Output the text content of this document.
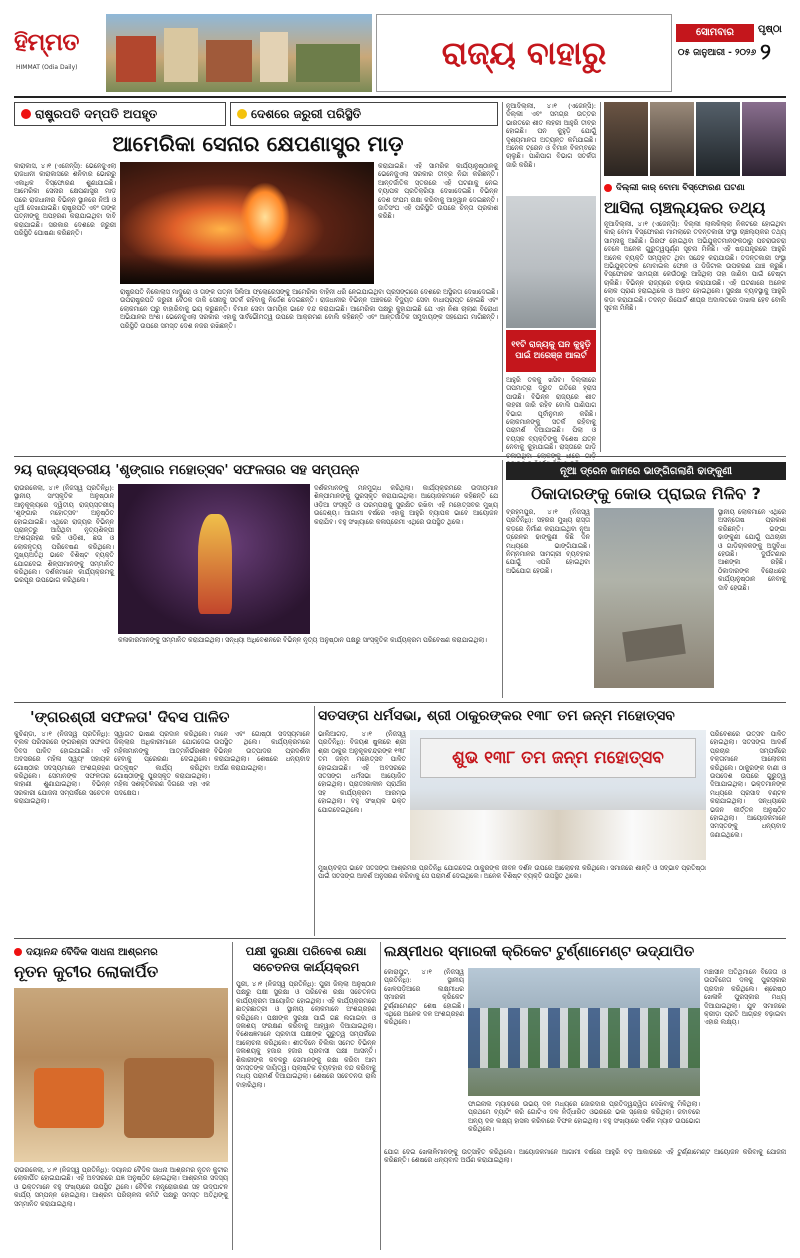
ହିମ୍ମତ
HIMMAT (Odia Daily)	ରାଜ୍ୟ ବାହାରୁ
ସୋମବାର	ପୃଷ୍ଠା
୨
୦୫ ଜାନୁଆରୀ - ୨୦୨୬
ରାଷ୍ଟ୍ରପତି ଦମ୍ପତି ଅପହୃତ	ଦେଶରେ ଜରୁରୀ ପରିସ୍ଥିତି
ଆମେରିକା ସେନାର କ୍ଷେପଣାସ୍ତ୍ର ମାଡ଼
କାରାକାସ, ୪।୧ (ଏଜେନ୍ସି): ଭେନେଜୁଏଲା ରାଜଧାନୀ କାରାକାସରେ ଶନିବାର ଭୋରରୁ ଏକାଧିକ ବିସ୍ଫୋରଣ ଶୁଣାଯାଇଛି। ଆମେରିକା ସେନାର କ୍ଷେପଣାସ୍ତ୍ର ମାଡ଼ ପରେ ରାଜଧାନୀର ବିଭିନ୍ନ ସ୍ଥାନରେ ନିଆଁ ଓ ଧୂଆଁ ଦେଖାଯାଇଛି। ରାଷ୍ଟ୍ରପତି ଏବଂ ତାଙ୍କ ପତ୍ନୀଙ୍କୁ ଅପହରଣ କରାଯାଇଥିବା ଦାବି କରାଯାଇଛି। ସରକାର ଦେଶରେ ଜରୁରୀ ପରିସ୍ଥିତି ଘୋଷଣା କରିଛନ୍ତି।
କରାଯାଇଛି। ଏହି ସାମରିକ କାର୍ଯ୍ୟାନୁଷ୍ଠାନକୁ ଭେନେଜୁଏଲା ସରକାର ତୀବ୍ର ନିନ୍ଦା କରିଛନ୍ତି। ଆନ୍ତର୍ଜାତିକ ସ୍ତରରେ ଏହି ଘଟଣାକୁ ନେଇ ବ୍ୟାପକ ପ୍ରତିକ୍ରିୟା ଦେଖାଦେଇଛି। ବିଭିନ୍ନ ଦେଶ ସଂଯମ ରକ୍ଷା କରିବାକୁ ଆହ୍ୱାନ ଦେଇଛନ୍ତି। ଜାତିସଂଘ ଏହି ପରିସ୍ଥିତି ଉପରେ ଚିନ୍ତା ପ୍ରକାଶ କରିଛି।
ରାଷ୍ଟ୍ରପତି ନିକୋଲାସ ମାଦୁରୋ ଓ ତାଙ୍କ ପତ୍ନୀ ସିଲିଆ ଫ୍ଲୋରେସଙ୍କୁ ଆମେରିକା ବାହିନୀ ଧରି ନେଇଯାଇଥିବା ପ୍ରସଙ୍ଗରେ ଦେଶରେ ଅସ୍ଥିରତା ଦେଖାଦେଇଛି। ଉପରାଷ୍ଟ୍ରପତି ଜରୁରୀ ବୈଠକ ଡାକି ସେନାକୁ ସତର୍କ ରହିବାକୁ ନିର୍ଦ୍ଦେଶ ଦେଇଛନ୍ତି। ରାଜଧାନୀର ବିଭିନ୍ନ ଅଞ୍ଚଳରେ ବିଦ୍ୟୁତ ସେବା ବାଧାପ୍ରାପ୍ତ ହୋଇଛି ଏବଂ ଲୋକମାନେ ଘରୁ ବାହାରିବାକୁ ଭୟ କରୁଛନ୍ତି। ବିମାନ ସେବା ସାମୟିକ ଭାବେ ବନ୍ଦ କରାଯାଇଛି। ଆମେରିକା ପକ୍ଷରୁ କୁହାଯାଇଛି ଯେ ଏହା ନିଶା ଚାଲାଣ ବିରୋଧୀ ଅଭିଯାନର ଅଂଶ। ଭେନେଜୁଏଲା ସରକାର ଏହାକୁ ସାର୍ବଭୌମତ୍ୱ ଉପରେ ଆକ୍ରମଣ ବୋଲି କହିଛନ୍ତି ଏବଂ ଆନ୍ତର୍ଜାତିକ ସମୁଦାୟଙ୍କ ସହଯୋଗ ମାଗିଛନ୍ତି। ପରିସ୍ଥିତି ଉପରେ ସମସ୍ତ ଦେଶ ନଜର ରଖିଛନ୍ତି।
ନୂଆଦିଲ୍ଲୀ, ୪।୧ (ଏଜେନ୍ସି): ଦିଲ୍ଲୀ ଏବଂ ସମଗ୍ର ଉତ୍ତର ଭାରତରେ ଶୀତ ଲହରୀ ଆହୁରି ତୀବ୍ର ହୋଇଛି। ଘନ କୁହୁଡ଼ି ଯୋଗୁଁ ଦୃଶ୍ୟମାନତା ଅତ୍ୟନ୍ତ କମିଯାଇଛି। ଅନେକ ଟ୍ରେନ ଓ ବିମାନ ବିଳମ୍ବରେ ଚାଲୁଛି। ପାଣିପାଗ ବିଭାଗ ସତର୍କତା ଜାରି କରିଛି।
୧୧ଟି ରାଜ୍ୟକୁ ଘନ କୁହୁଡ଼ି ପାଇଁ ଅରେଞ୍ଜ ଆଲର୍ଟ
ଆହୁରି ତଳକୁ ଖସିବ। ଦିଲ୍ଲୀରେ ତାପମାତ୍ରା ଦ୍ରୁତ ଗତିରେ ହ୍ରାସ ପାଉଛି। ବିଭିନ୍ନ ରାଜ୍ୟରେ ଶୀତ ଲହରୀ ଜାରି ରହିବ ବୋଲି ପାଣିପାଗ ବିଭାଗ ପୂର୍ବାନୁମାନ କରିଛି। ଲୋକମାନଙ୍କୁ ସତର୍କ ରହିବାକୁ ପରାମର୍ଶ ଦିଆଯାଇଛି। ପିଲା ଓ ବୟସ୍କ ବ୍ୟକ୍ତିଙ୍କୁ ବିଶେଷ ଯତ୍ନ ନେବାକୁ କୁହାଯାଇଛି। ରାସ୍ତାରେ ଗାଡ଼ି
ଦିଲ୍ଲୀ କାର୍ ବୋମା ବିସ୍ଫୋରଣ ଘଟଣା
ଆସିଲା ଚାଞ୍ଚଲ୍ୟକର ତଥ୍ୟ
ନୂଆଦିଲ୍ଲୀ, ୪।୧ (ଏଜେନ୍ସି): ଦିଲ୍ଲୀ ଲାଲକିଲ୍ଲା ନିକଟରେ ହୋଇଥିବା କାର୍ ବୋମା ବିସ୍ଫୋରଣ ମାମଲାରେ ତଦନ୍ତକାରୀ ସଂସ୍ଥା ଚାଞ୍ଚଲ୍ୟକର ତଥ୍ୟ ସାମ୍ନାକୁ ଆଣିଛି। ଗିରଫ ହୋଇଥିବା ଅଭିଯୁକ୍ତମାନଙ୍କଠାରୁ ପଚରାଉଚରା ବେଳେ ଅନେକ ଗୁରୁତ୍ୱପୂର୍ଣ୍ଣ ସୂଚନା ମିଳିଛି। ଏହି ଷଡ଼ଯନ୍ତ୍ରରେ ଆହୁରି ଅନେକ ବ୍ୟକ୍ତି ସମ୍ପୃକ୍ତ ଥିବା ସନ୍ଦେହ କରାଯାଉଛି। ତଦନ୍ତକାରୀ ସଂସ୍ଥା ଅଭିଯୁକ୍ତଙ୍କ ମୋବାଇଲ ଫୋନ ଓ ଡିଜିଟାଲ ଉପକରଣ ଯାଞ୍ଚ କରୁଛି। ବିସ୍ଫୋରକ ସାମଗ୍ରୀ କେଉଁଠାରୁ ଆସିଥିଲା ତାହା ଜାଣିବା ପାଇଁ ଚେଷ୍ଟା ଚାଲିଛି। ବିଭିନ୍ନ ରାଜ୍ୟରେ ଚଢ଼ାଉ କରାଯାଉଛି। ଏହି ଘଟଣାରେ ଅନେକ ଲୋକ ପ୍ରାଣ ହରାଇଥିଲେ ଓ ଆହତ ହୋଇଥିଲେ। ସୁରକ୍ଷା ବ୍ୟବସ୍ଥାକୁ ଆହୁରି କଡ଼ା କରାଯାଇଛି। ତଦନ୍ତ ରିପୋର୍ଟ ଶୀଘ୍ର ଅଦାଲତରେ ଦାଖଲ ହେବ ବୋଲି ସୂଚନା ମିଳିଛି।
୨ୟ ରାଜ୍ୟସ୍ତରୀୟ 'ଶୃଙ୍ଗାର ମହୋତ୍ସବ' ସଫଳତାର ସହ ସମ୍ପନ୍ନ
ରାଉରକେଲା, ୪।୧ (ନିଜସ୍ୱ ପ୍ରତିନିଧି): ସ୍ଥାନୀୟ ସାଂସ୍କୃତିକ ଅନୁଷ୍ଠାନ ଆନୁକୂଲ୍ୟରେ ଦ୍ୱିତୀୟ ରାଜ୍ୟସ୍ତରୀୟ 'ଶୃଙ୍ଗାର ମହୋତ୍ସବ' ଅନୁଷ୍ଠିତ ହୋଇଯାଇଛି। ଏଥିରେ ରାଜ୍ୟର ବିଭିନ୍ନ ପ୍ରାନ୍ତରୁ ଆସିଥିବା ନୃତ୍ୟଶିଳ୍ପୀ ଅଂଶଗ୍ରହଣ କରି ଓଡ଼ିଶୀ, ଛଉ ଓ ଲୋକନୃତ୍ୟ ପରିବେଷଣ କରିଥିଲେ। ମୁଖ୍ୟଅତିଥି ଭାବେ ବିଶିଷ୍ଟ ବ୍ୟକ୍ତି ଯୋଗଦେଇ ଶିଳ୍ପୀମାନଙ୍କୁ ସମ୍ମାନିତ କରିଥିଲେ। ଦର୍ଶକମାନେ କାର୍ଯ୍ୟକ୍ରମକୁ ଭରପୂର ଉପଭୋଗ କରିଥିଲେ।
ଦର୍ଶକମାନଙ୍କୁ ମନମୁଗ୍ଧ କରିଥିଲା। କାର୍ଯ୍ୟକ୍ରମରେ ଉଦୀୟମାନ ଶିଳ୍ପୀମାନଙ୍କୁ ପୁରସ୍କୃତ କରାଯାଇଥିଲା। ଆୟୋଜକମାନେ କହିଛନ୍ତି ଯେ ଓଡ଼ିଆ ସଂସ୍କୃତି ଓ ପରମ୍ପରାକୁ ସୁରକ୍ଷିତ ରଖିବା ଏହି ମହୋତ୍ସବର ମୁଖ୍ୟ ଉଦ୍ଦେଶ୍ୟ। ଆଗାମୀ ବର୍ଷରେ ଏହାକୁ ଆହୁରି ବ୍ୟାପକ ଭାବେ ଆୟୋଜନ କରାଯିବ। ବହୁ ସଂଖ୍ୟାରେ କଳାପ୍ରେମୀ ଏଥିରେ ଉପସ୍ଥିତ ଥିଲେ।
କଳାକାରମାନଙ୍କୁ ସମ୍ମାନିତ କରାଯାଇଥିଲା। ସନ୍ଧ୍ୟା ଅଧିବେଶନରେ ବିଭିନ୍ନ ନୃତ୍ୟ ଅନୁଷ୍ଠାନ ପକ୍ଷରୁ ସାଂସ୍କୃତିକ କାର୍ଯ୍ୟକ୍ରମ ପରିବେଷଣ କରାଯାଇଥିଲା।
ନୂଆ ଡ୍ରେନ କାମରେ ଭାଙ୍ଗିଗଲାଣି ଢାଙ୍କୁଣୀ
ଠିକାଦାରଙ୍କୁ କୋଉ ପ୍ରାଇଜ ମିଳିବ ?
ବ୍ରହ୍ମପୁର, ୪।୧ (ନିଜସ୍ୱ ପ୍ରତିନିଧି): ସହରର ମୁଖ୍ୟ ରାସ୍ତା କଡ଼ରେ ନିର୍ମାଣ କରାଯାଇଥିବା ନୂଆ ଡ୍ରେନର ଢାଙ୍କୁଣୀ କିଛି ଦିନ ମଧ୍ୟରେ ଭାଙ୍ଗିଯାଇଛି। ନିମ୍ନମାନର ସାମଗ୍ରୀ ବ୍ୟବହାର ଯୋଗୁଁ ଏପରି ହୋଇଥିବା ଅଭିଯୋଗ ହେଉଛି।
ସ୍ଥାନୀୟ ଲୋକମାନେ ଏଥିରେ ଅସନ୍ତୋଷ ପ୍ରକାଶ କରିଛନ୍ତି। ଭଙ୍ଗା ଢାଙ୍କୁଣୀ ଯୋଗୁଁ ପଥଚାରୀ ଓ ଗାଡ଼ିଚାଳକଙ୍କୁ ଅସୁବିଧା ହେଉଛି। ଦୁର୍ଘଟଣାର ଆଶଙ୍କା ରହିଛି। ଠିକାଦାରଙ୍କ ବିରୋଧରେ କାର୍ଯ୍ୟାନୁଷ୍ଠାନ ନେବାକୁ ଦାବି ହେଉଛି।
'ଙ୍ଗରଶ୍ରୀ ସଫଳତା' ଦିବସ ପାଳିତ
କୁଚିଣ୍ଡା, ୪।୧ (ନିଜସ୍ୱ ପ୍ରତିନିଧି): ବ୍ଲକ ପରିସରରେ ଙ୍ଗରଶ୍ରୀ ସଫଳତା ଦିବସ ପାଳିତ ହୋଇଯାଇଛି। ଏହି ଅବସରରେ ମହିଳା ସ୍ୱୟଂ ସହାୟକ ଗୋଷ୍ଠୀର ସଦସ୍ୟମାନେ ଅଂଶଗ୍ରହଣ କରିଥିଲେ। ସେମାନଙ୍କ ସଫଳତାର କାହାଣୀ ଶୁଣାଯାଇଥିଲା। ବିଭିନ୍ନ ସରକାରୀ ଯୋଜନା ସମ୍ପର୍କରେ ସଚେତନ କରାଯାଇଥିଲା।
ସ୍ୱାଗତ ଭାଷଣ ପ୍ରଦାନ କରିଥିଲେ। ଜିଲ୍ଲାର ଅଧିକାରୀମାନେ ଯୋଗଦେଇ ମହିଳାମାନଙ୍କୁ ଆତ୍ମନିର୍ଭରଶୀଳ ହେବାକୁ ପ୍ରେରଣା ଦେଇଥିଲେ। ଉତ୍କୃଷ୍ଟ କାର୍ଯ୍ୟ କରିଥିବା ଗୋଷ୍ଠୀଙ୍କୁ ପୁରସ୍କୃତ କରାଯାଇଥିଲା। ମହିଳା ସଶକ୍ତିକରଣ ଦିଗରେ ଏହା ଏକ ପଦକ୍ଷେପ।
ମାନେ ଏବଂ ଗୋଷ୍ଠୀ ସଦସ୍ୟମାନେ ଉପସ୍ଥିତ ଥିଲେ। କାର୍ଯ୍ୟକ୍ରମରେ ବିଭିନ୍ନ ଉତ୍ପାଦର ପ୍ରଦର୍ଶନୀ କରାଯାଇଥିଲା। ଶେଷରେ ଧନ୍ୟବାଦ ଅର୍ପଣ କରାଯାଇଥିଲା।
ସତସଙ୍ଗ ଧର୍ମସଭା, ଶ୍ରୀ ଠାକୁରଙ୍କର ୧୩୮ ତମ ଜନ୍ମ ମହୋତ୍ସବ
ଭାଲିଆଗଡ଼, ୪।୧ (ନିଜସ୍ୱ ପ୍ରତିନିଧି): ବିଜୟଶ ଷୁଳାରେ ଶ୍ରୀ ଶ୍ରୀ ଠାକୁର ଅନୁକୂଳଚନ୍ଦ୍ରଙ୍କ ୧୩୮ ତମ ଜନ୍ମ ମହୋତ୍ସବ ପାଳିତ ହୋଇଯାଇଛି। ଏହି ଅବସରରେ ସତସଙ୍ଗ ଧର୍ମସଭା ଆୟୋଜିତ ହୋଇଥିଲା। ପ୍ରାତଃକାଳୀନ ପ୍ରାର୍ଥନା ସହ କାର୍ଯ୍ୟକ୍ରମ ଆରମ୍ଭ ହୋଇଥିଲା। ବହୁ ସଂଖ୍ୟକ ଭକ୍ତ ଯୋଗଦେଇଥିଲେ।
ଶୁଭ ୧୩୮ ତମ ଜନ୍ମ ମହୋତ୍ସବ
ପରିବେଶରେ ଉତ୍ସବ ପାଳିତ ହୋଇଥିଲା। ସତସଙ୍ଗ ଆଦର୍ଶ ପ୍ରଚାର ସମ୍ପର୍କରେ ବକ୍ତାମାନେ ଆଲୋଚନା କରିଥିଲେ। ଠାକୁରଙ୍କ ବାଣୀ ଓ ଉପଦେଶ ଉପରେ ଗୁରୁତ୍ୱ ଦିଆଯାଇଥିଲା। ଭକ୍ତମାନଙ୍କ ମଧ୍ୟରେ ପ୍ରସାଦ ବଣ୍ଟନ କରାଯାଇଥିଲା। ସନ୍ଧ୍ୟାରେ ଭଜନ କୀର୍ତ୍ତନ ଅନୁଷ୍ଠିତ ହୋଇଥିଲା। ଆୟୋଜକମାନେ ସମସ୍ତଙ୍କୁ ଧନ୍ୟବାଦ ଜଣାଇଥିଲେ।
ମୁଖ୍ୟବକ୍ତା ଭାବେ ସତସଙ୍ଗ ଆଶ୍ରମର ପ୍ରତିନିଧି ଯୋଗଦେଇ ଠାକୁରଙ୍କ ଜୀବନ ଦର୍ଶନ ଉପରେ ଆଲୋଚନା କରିଥିଲେ। ସମାଜରେ ଶାନ୍ତି ଓ ସଦ୍‌ଭାବ ପ୍ରତିଷ୍ଠା ପାଇଁ ସତସଙ୍ଗ ଆଦର୍ଶ ଅନୁସରଣ କରିବାକୁ ସେ ପରାମର୍ଶ ଦେଇଥିଲେ। ଅନେକ ବିଶିଷ୍ଟ ବ୍ୟକ୍ତି ଉପସ୍ଥିତ ଥିଲେ।
ଦୟାନନ୍ଦ ବୈଦିକ ସାଧନା ଆଶ୍ରମର
ନୂତନ କୁଟୀର ଲୋକାର୍ପିତ
ରାଉରକେଲା, ୪।୧ (ନିଜସ୍ୱ ପ୍ରତିନିଧି): ଦୟାନନ୍ଦ ବୈଦିକ ସାଧନା ଆଶ୍ରମର ନୂତନ କୁଟୀର ଲୋକାର୍ପିତ ହୋଇଯାଇଛି। ଏହି ଅବସରରେ ଯଜ୍ଞ ଅନୁଷ୍ଠିତ ହୋଇଥିଲା। ଆଶ୍ରମର ସଦସ୍ୟ ଓ ଭକ୍ତମାନେ ବହୁ ସଂଖ୍ୟାରେ ଉପସ୍ଥିତ ଥିଲେ। ବୈଦିକ ମନ୍ତ୍ରୋଚ୍ଚାରଣ ସହ ଉଦ୍‌ଘାଟନ କାର୍ଯ୍ୟ ସମ୍ପନ୍ନ ହୋଇଥିଲା। ଆଶ୍ରମ ପରିଚାଳନା କମିଟି ପକ୍ଷରୁ ସମସ୍ତ ଅତିଥିଙ୍କୁ ସମ୍ମାନିତ କରାଯାଇଥିଲା।
ପକ୍ଷୀ ସୁରକ୍ଷା ପରିବେଶ ରକ୍ଷା
ସଚେତନତା କାର୍ଯ୍ୟକ୍ରମ
ପୁରୀ, ୪।୧ (ନିଜସ୍ୱ ପ୍ରତିନିଧି): ପୁରୀ ଜିଲ୍ଲା ଅନୁଷ୍ଠାନ ପକ୍ଷରୁ ପକ୍ଷୀ ସୁରକ୍ଷା ଓ ପରିବେଶ ରକ୍ଷା ସଚେତନତା କାର୍ଯ୍ୟକ୍ରମ ଆୟୋଜିତ ହୋଇଥିଲା। ଏହି କାର୍ଯ୍ୟକ୍ରମରେ ଛାତ୍ରଛାତ୍ରୀ ଓ ସ୍ଥାନୀୟ ଲୋକମାନେ ଅଂଶଗ୍ରହଣ କରିଥିଲେ। ପକ୍ଷୀଙ୍କ ସୁରକ୍ଷା ପାଇଁ ଗଛ ଲଗାଇବା ଓ ଜଳାଶୟ ସଂରକ୍ଷଣ କରିବାକୁ ଆହ୍ୱାନ ଦିଆଯାଇଥିଲା। ବିଶେଷଜ୍ଞମାନେ ପ୍ରବାସୀ ପକ୍ଷୀଙ୍କ ଗୁରୁତ୍ୱ ସମ୍ପର୍କରେ ଆଲୋଚନା କରିଥିଲେ। ଶୀତଦିନେ ଚିଲିକା ସମେତ ବିଭିନ୍ନ ଜଳାଶୟକୁ ହଜାର ହଜାର ପ୍ରବାସୀ ପକ୍ଷୀ ଆସନ୍ତି। ଶିକାରୀଙ୍କ କବଳରୁ ସେମାନଙ୍କୁ ରକ୍ଷା କରିବା ଆମ ସମସ୍ତଙ୍କ ଦାୟିତ୍ୱ। ପ୍ଲାଷ୍ଟିକ ବ୍ୟବହାର ବନ୍ଦ କରିବାକୁ ମଧ୍ୟ ପରାମର୍ଶ ଦିଆଯାଇଥିଲା। ଶେଷରେ ସଚେତନତା ରାଲି ବାହାରିଥିଲା।
ଲକ୍ଷ୍ମୀଧର ସ୍ମାରକୀ କ୍ରିକେଟ ଟୁର୍ଣ୍ଣାମେଣ୍ଟ ଉଦ୍‌ଯାପିତ
କୋରାପୁଟ, ୪।୧ (ନିଜସ୍ୱ ପ୍ରତିନିଧି): ସ୍ଥାନୀୟ ଖେଳପଡ଼ିଆରେ ଲକ୍ଷ୍ମୀଧର ସ୍ମାରକୀ କ୍ରିକେଟ ଟୁର୍ଣ୍ଣାମେଣ୍ଟ ଶେଷ ହୋଇଛି। ଏଥିରେ ଅନେକ ଦଳ ଅଂଶଗ୍ରହଣ କରିଥିଲେ।
ମଞ୍ଚାସୀନ ଅତିଥିମାନେ ବିଜେତା ଓ ଉପବିଜେତା ଦଳକୁ ପୁରସ୍କାର ପ୍ରଦାନ କରିଥିଲେ। ଶ୍ରେଷ୍ଠ ଖେଳାଳି ପୁରସ୍କାର ମଧ୍ୟ ଦିଆଯାଇଥିଲା। ଯୁବ ସମାଜରେ କ୍ରୀଡ଼ା ପ୍ରତି ଆଗ୍ରହ ବଢ଼ାଇବା ଏହାର ଲକ୍ଷ୍ୟ।
ଫାଇନାଲ ମ୍ୟାଚରେ ଉଭୟ ଦଳ ମଧ୍ୟରେ ଜୋରଦାର ପ୍ରତିଦ୍ୱନ୍ଦ୍ୱିତା ଦେଖିବାକୁ ମିଳିଥିଲା। ପ୍ରଥମେ ବ୍ୟାଟିଂ କରି ଗୋଟିଏ ଦଳ ନିର୍ଦ୍ଧାରିତ ଓଭରରେ ଭଲ ସ୍କୋର କରିଥିଲା। ଜବାବରେ ଅନ୍ୟ ଦଳ ଲକ୍ଷ୍ୟ ହାସଲ କରିବାରେ ବିଫଳ ହୋଇଥିଲା। ବହୁ ସଂଖ୍ୟାରେ ଦର୍ଶକ ମ୍ୟାଚ ଉପଭୋଗ କରିଥିଲେ।
ଯୋଗ ଦେଇ ଖେଳାଳିମାନଙ୍କୁ ଉତ୍ସାହିତ କରିଥିଲେ। ଆୟୋଜକମାନେ ଆଗାମୀ ବର୍ଷରେ ଆହୁରି ବଡ଼ ଆକାରରେ ଏହି ଟୁର୍ଣ୍ଣାମେଣ୍ଟ ଆୟୋଜନ କରିବାକୁ ଯୋଜନା କରିଛନ୍ତି। ଶେଷରେ ଧନ୍ୟବାଦ ଅର୍ପଣ କରାଯାଇଥିଲା।
